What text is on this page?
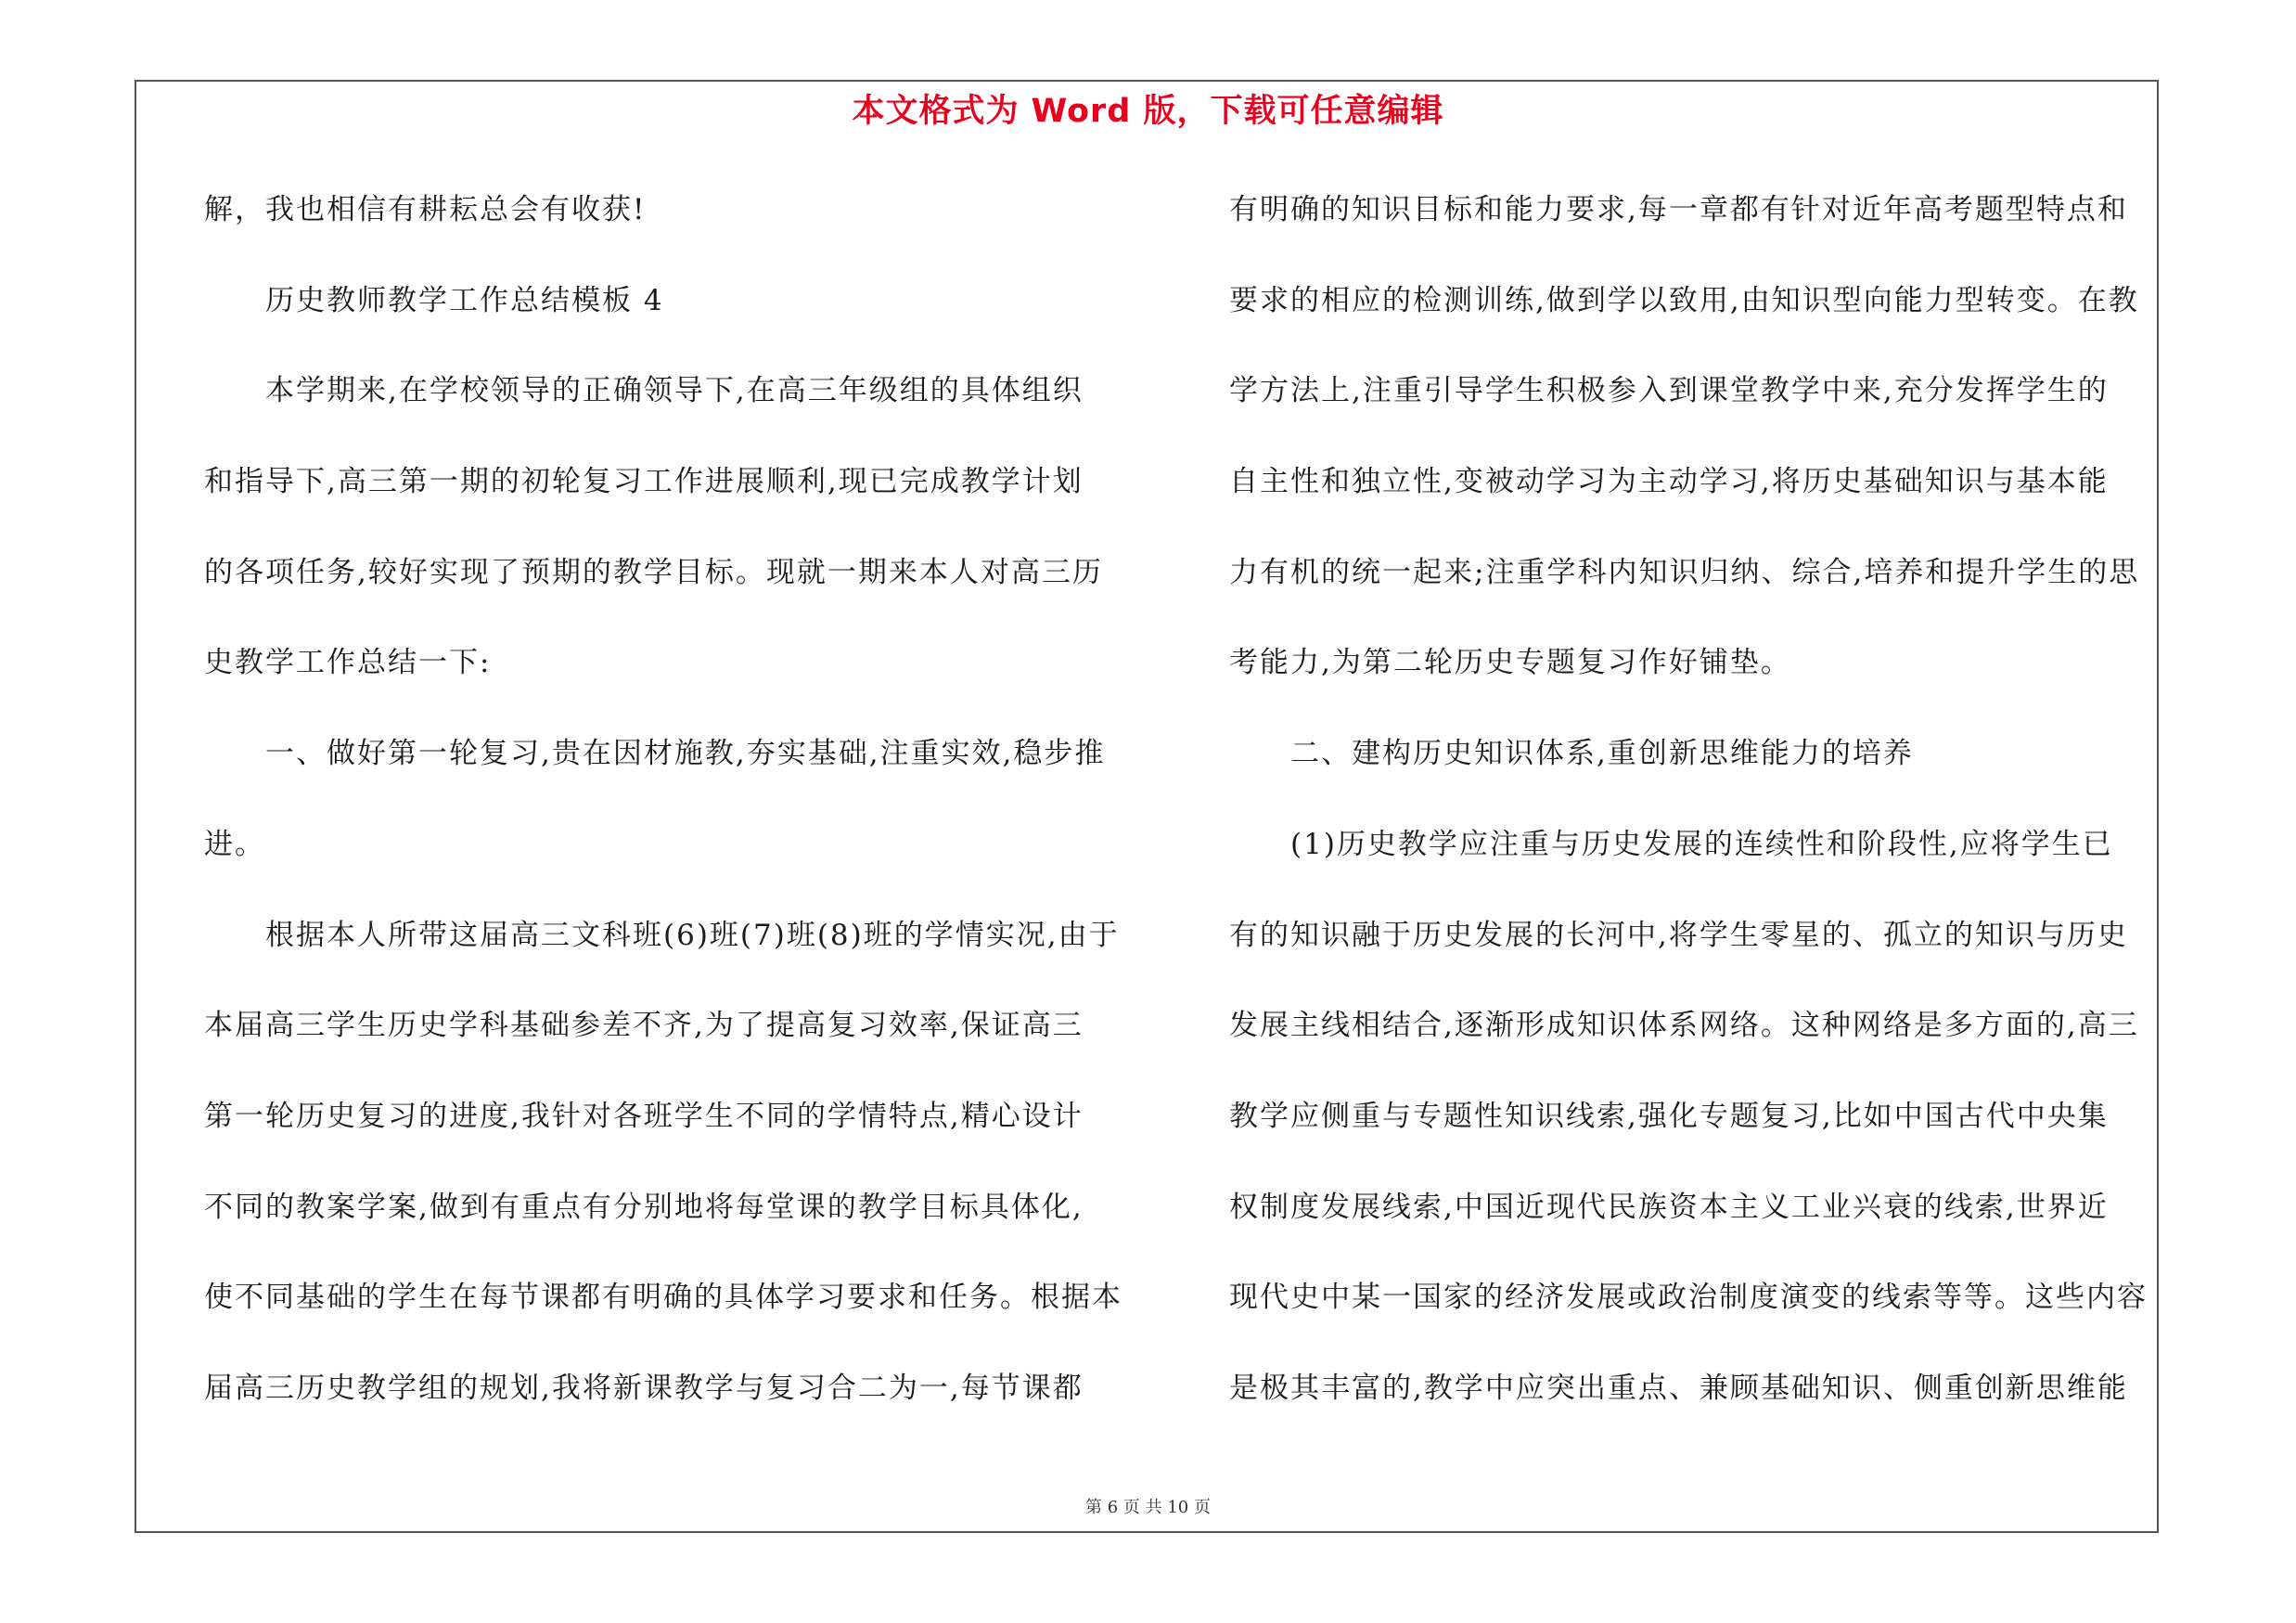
本文格式为 Word 版，下载可任意编辑
解，我也相信有耕耘总会有收获!
历史教师教学工作总结模板 4
本学期来,在学校领导的正确领导下,在高三年级组的具体组织
和指导下,高三第一期的初轮复习工作进展顺利,现已完成教学计划
的各项任务,较好实现了预期的教学目标。现就一期来本人对高三历
史教学工作总结一下:
一、做好第一轮复习,贵在因材施教,夯实基础,注重实效,稳步推
进。
根据本人所带这届高三文科班(6)班(7)班(8)班的学情实况,由于
本届高三学生历史学科基础参差不齐,为了提高复习效率,保证高三
第一轮历史复习的进度,我针对各班学生不同的学情特点,精心设计
不同的教案学案,做到有重点有分别地将每堂课的教学目标具体化,
使不同基础的学生在每节课都有明确的具体学习要求和任务。根据本
届高三历史教学组的规划,我将新课教学与复习合二为一,每节课都
有明确的知识目标和能力要求,每一章都有针对近年高考题型特点和
要求的相应的检测训练,做到学以致用,由知识型向能力型转变。在教
学方法上,注重引导学生积极参入到课堂教学中来,充分发挥学生的
自主性和独立性,变被动学习为主动学习,将历史基础知识与基本能
力有机的统一起来;注重学科内知识归纳、综合,培养和提升学生的思
考能力,为第二轮历史专题复习作好铺垫。
二、建构历史知识体系,重创新思维能力的培养
(1)历史教学应注重与历史发展的连续性和阶段性,应将学生已
有的知识融于历史发展的长河中,将学生零星的、孤立的知识与历史
发展主线相结合,逐渐形成知识体系网络。这种网络是多方面的,高三
教学应侧重与专题性知识线索,强化专题复习,比如中国古代中央集
权制度发展线索,中国近现代民族资本主义工业兴衰的线索,世界近
现代史中某一国家的经济发展或政治制度演变的线索等等。这些内容
是极其丰富的,教学中应突出重点、兼顾基础知识、侧重创新思维能
第 6 页 共 10 页
